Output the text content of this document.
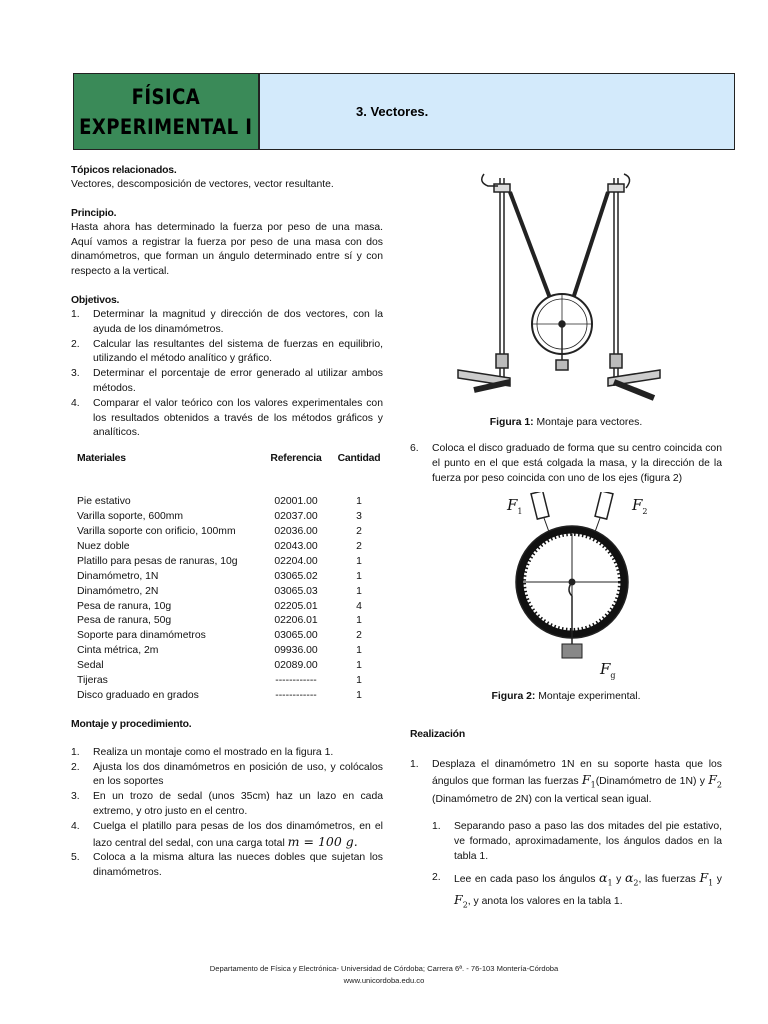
FÍSICA
EXPERIMENTAL I
3. Vectores.
Tópicos relacionados.

Vectores, descomposición de vectores, vector resultante.

Principio.

Hasta ahora has determinado la fuerza por peso de una masa. Aquí vamos a registrar la fuerza por peso de una masa con dos dinamómetros, que forman un ángulo determinado entre sí y con respecto a la vertical.

Objetivos.
1. Determinar la magnitud y dirección de dos vectores, con la ayuda de los dinamómetros.
2. Calcular las resultantes del sistema de fuerzas en equilibrio, utilizando el método analítico y gráfico.
3. Determinar el porcentaje de error generado al utilizar ambos métodos.
4. Comparar el valor teórico con los valores experimentales con los resultados obtenidos a través de los métodos gráficos y analíticos.
Materiales	Referencia	Cantidad

Pie estativo	02001.00	1
Varilla soporte, 600mm	02037.00	3
Varilla soporte con orificio, 100mm	02036.00	2
Nuez doble	02043.00	2
Platillo para pesas de ranuras, 10g	02204.00	1
Dinamómetro, 1N	03065.02	1
Dinamómetro, 2N	03065.03	1
Pesa de ranura, 10g	02205.01	4
Pesa de ranura, 50g	02206.01	1
Soporte para dinamómetros	03065.00	2
Cinta métrica, 2m	09936.00	1
Sedal	02089.00	1
Tijeras	------------	1
Disco graduado en grados	------------	1
Montaje y procedimiento.
1. Realiza un montaje como el mostrado en la figura 1.
2. Ajusta los dos dinamómetros en posición de uso, y colócalos en los soportes
3. En un trozo de sedal (unos 35cm) haz un lazo en cada extremo, y otro justo en el centro.
4. Cuelga el platillo para pesas de los dos dinamómetros, en el lazo central del sedal, con una carga total m = 100 g.
5. Coloca a la misma altura las nueces dobles que sujetan los dinamómetros.
Figura 1: Montaje para vectores.
6. Coloca el disco graduado de forma que su centro coincida con el punto en el que está colgada la masa, y la dirección de la fuerza por peso coincida con uno de los ejes (figura 2)
$F_1$	$F_2$
$F_g$
Figura 2: Montaje experimental.
Realización
1. Desplaza el dinamómetro 1N en su soporte hasta que los ángulos que forman las fuerzas $F_1(Dinamómetro$ de 1N) y $F_2$ (Dinamómetro de 2N) con la vertical sean igual.
1. Separando paso a paso las dos mitades del pie estativo, ve formado, aproximadamente, los ángulos dados en la tabla 1.
2. Lee en cada paso los ángulos $\alpha_1$ y $\alpha_2$, las fuerzas $F_1$ y $F_2$, y anota los valores en la tabla 1.
Departamento de Física y Electrónica- Universidad de Córdoba; Carrera 6ª. - 76-103 Montería-Córdoba
www.unicordoba.edu.co
